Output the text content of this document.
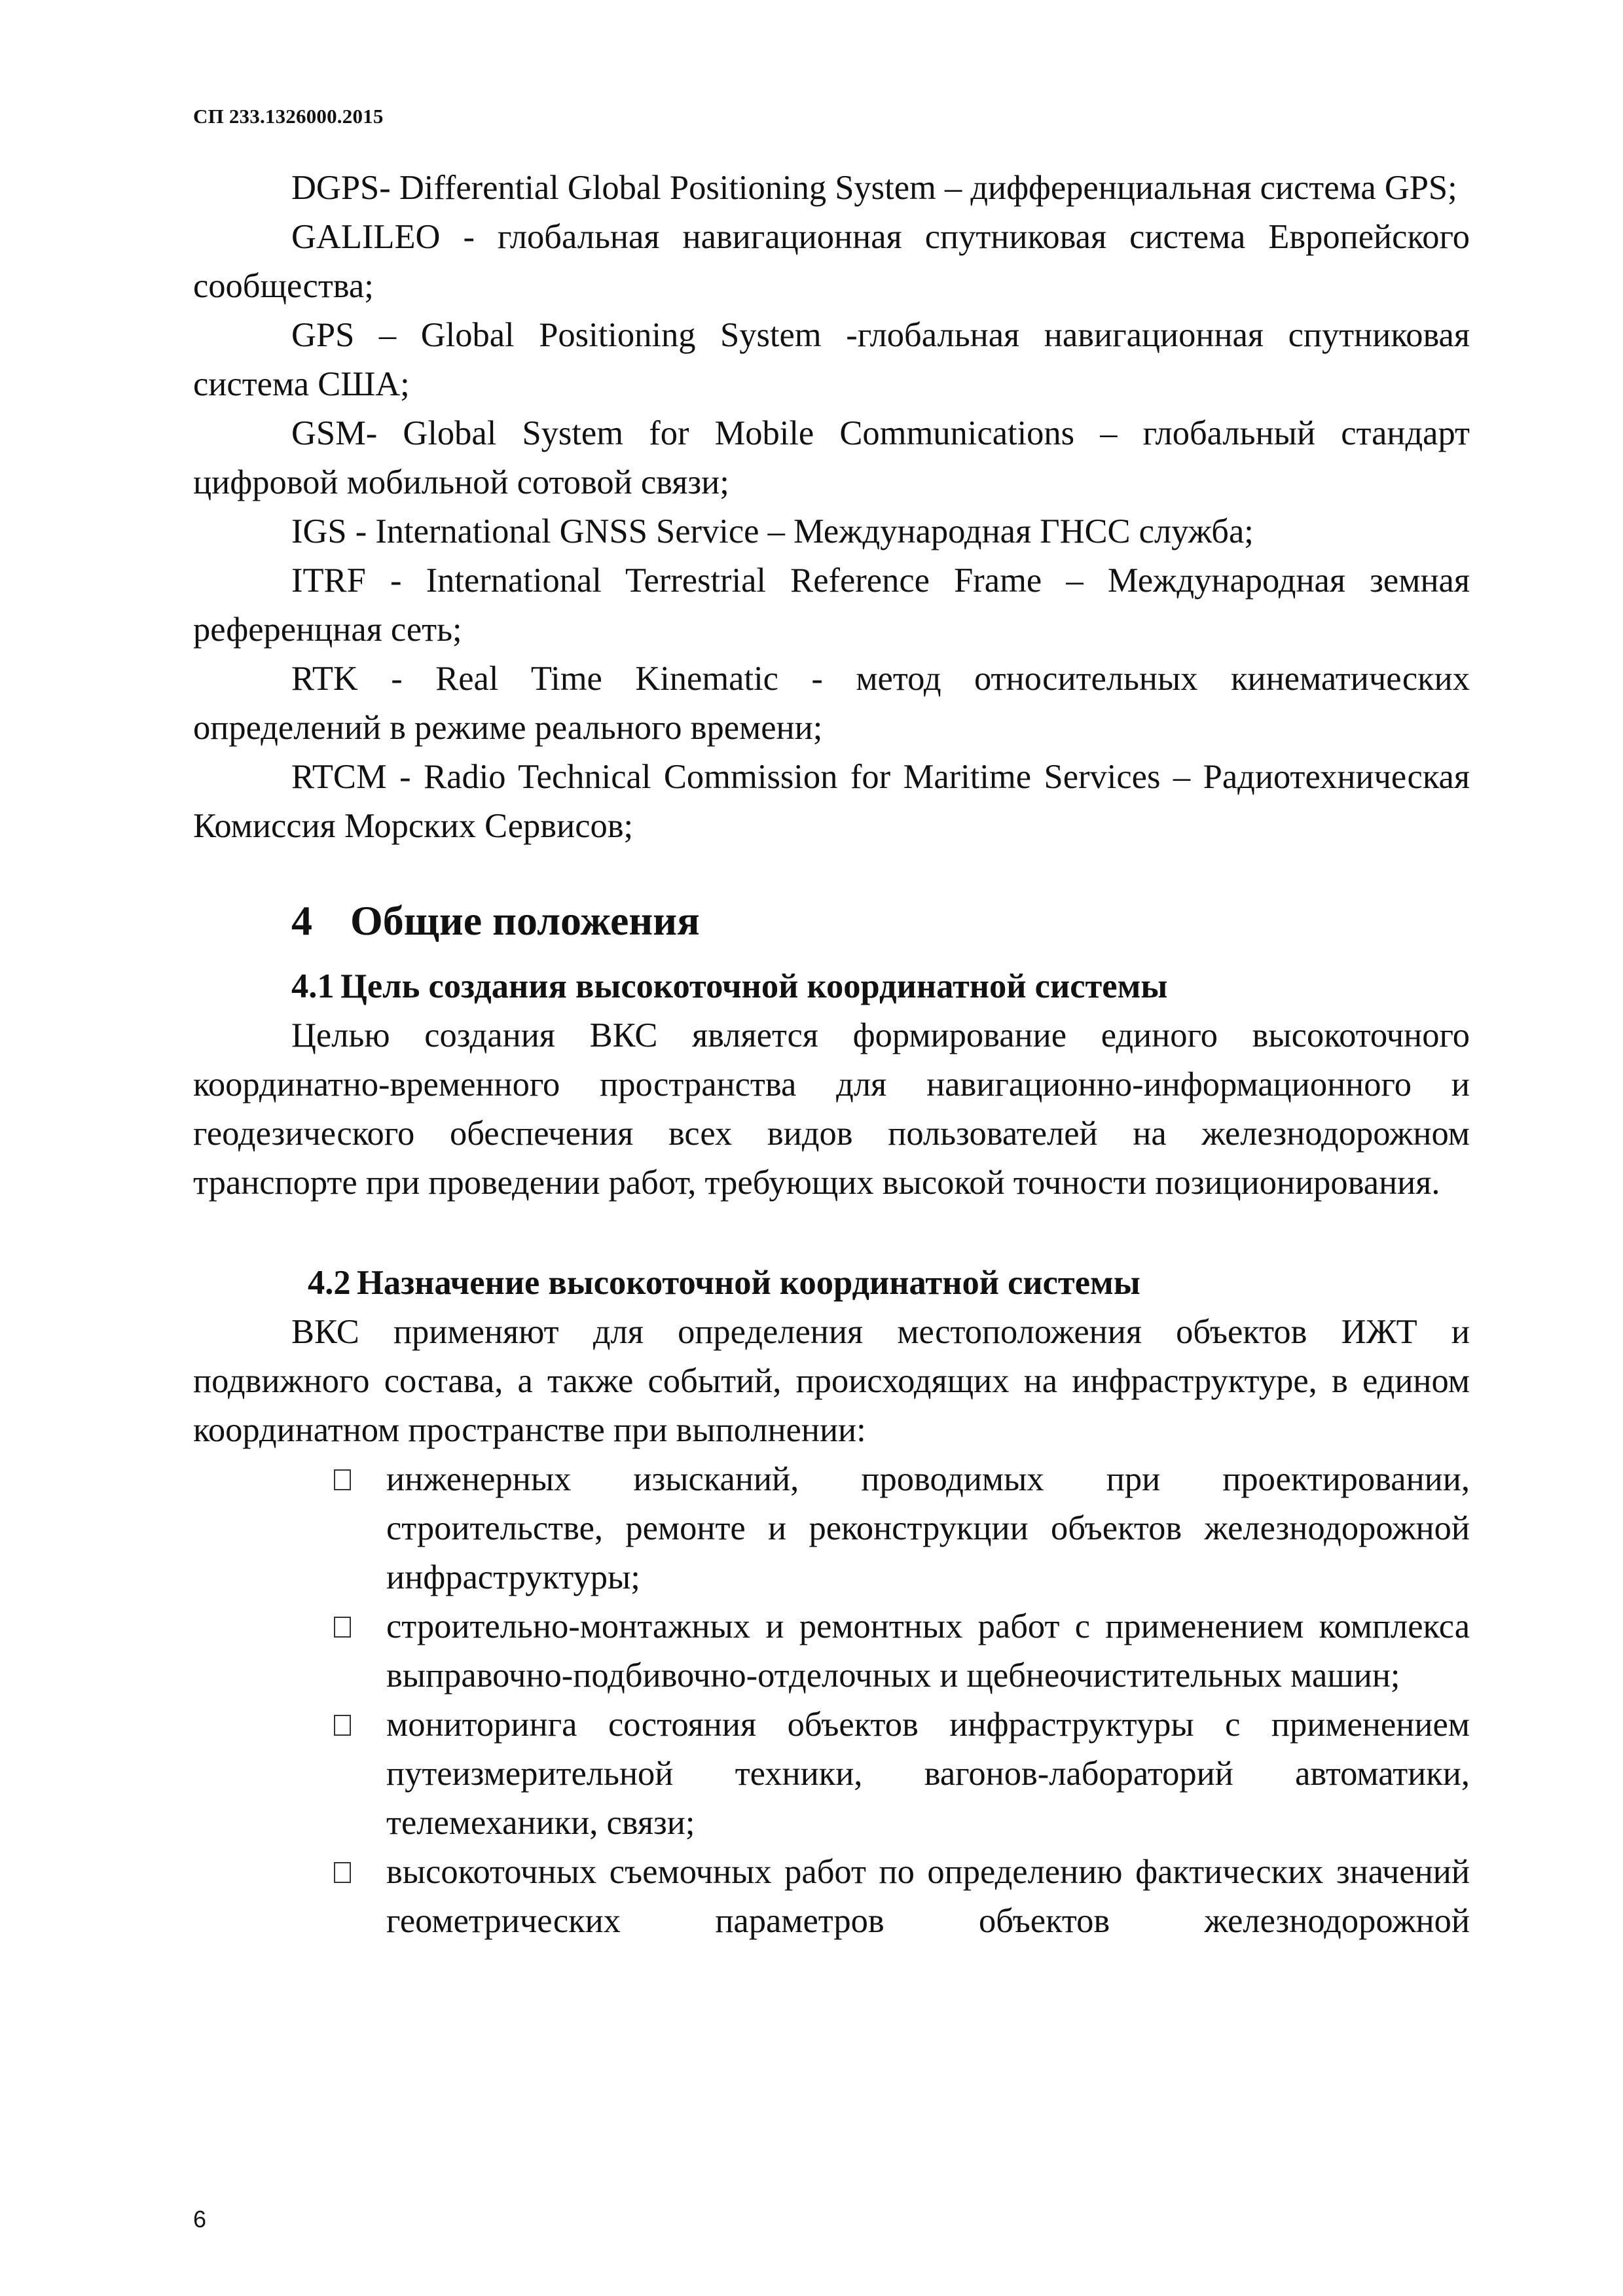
СП 233.1326000.2015

DGPS- Differential Global Positioning System – дифференциальная система GPS;

GALILEO - глобальная навигационная спутниковая система Европейского сообщества;

GPS – Global Positioning System -глобальная навигационная спутниковая система США;

GSM- Global System for Mobile Communications – глобальный стандарт цифровой мобильной сотовой связи;

IGS - International GNSS Service – Международная ГНСС служба;

ITRF - International Terrestrial Reference Frame – Международная земная референцная сеть;

RTK - Real Time Kinematic - метод относительных кинематических определений в режиме реального времени;

RTCM - Radio Technical Commission for Maritime Services – Радиотехническая Комиссия Морских Сервисов;

4 Общие положения
4.1 Цель создания высокоточной координатной системы

Целью создания ВКС является формирование единого высокоточного координатно-временного пространства для навигационно-информационного и геодезического обеспечения всех видов пользователей на железнодорожном транспорте при проведении работ, требующих высокой точности позиционирования.

4.2 Назначение высокоточной координатной системы

ВКС применяют для определения местоположения объектов ИЖТ и подвижного состава, а также событий, происходящих на инфраструктуре, в едином координатном пространстве при выполнении:

инженерных изысканий, проводимых при проектировании, строительстве, ремонте и реконструкции объектов железнодорожной инфраструктуры;
строительно-монтажных и ремонтных работ с применением комплекса выправочно-подбивочно-отделочных и щебнеочистительных машин;
мониторинга состояния объектов инфраструктуры с применением путеизмерительной техники, вагонов-лабораторий автоматики, телемеханики, связи;
высокоточных съемочных работ по определению фактических значений геометрических параметров объектов железнодорожной
6
